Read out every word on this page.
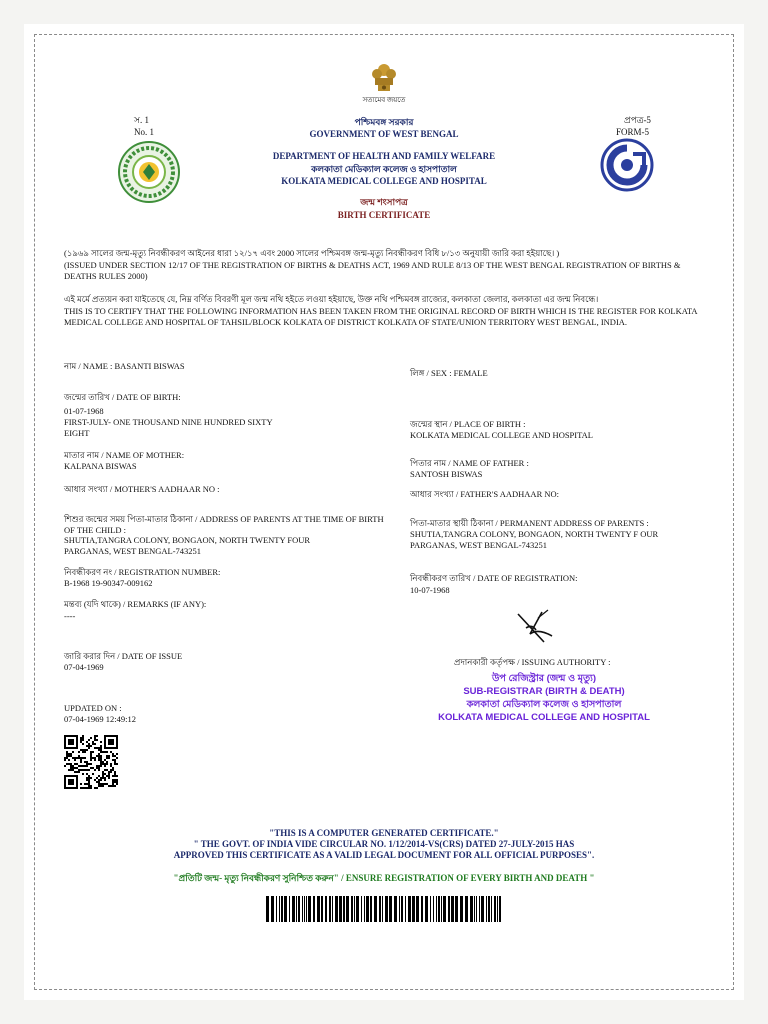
সত্যমেব জয়তে
স. 1
No. 1
প্রপত্র-5
FORM-5
পশ্চিমবঙ্গ সরকার
GOVERNMENT OF WEST BENGAL
DEPARTMENT OF HEALTH AND FAMILY WELFARE
কলকাতা মেডিক্যাল কলেজ ও হাসপাতাল
KOLKATA MEDICAL COLLEGE AND HOSPITAL
জন্ম শংসাপত্র
BIRTH CERTIFICATE
(১৯৬৯ সালের জন্ম-মৃত্যু নিবন্ধীকরণ আইনের ধারা ১২/১৭ এবং 2000 সালের পশ্চিমবঙ্গ জন্ম-মৃত্যু নিবন্ধীকরণ বিধি ৮/১৩ অনুযায়ী জারি করা হইয়াছে। )
(ISSUED UNDER SECTION 12/17 OF THE REGISTRATION OF BIRTHS & DEATHS ACT, 1969 AND RULE 8/13 OF THE WEST BENGAL REGISTRATION OF BIRTHS & DEATHS RULES 2000)
এই মর্মে প্রত্যয়ন করা যাইতেছে যে, নিম্ন বর্ণিত বিবরণী মূল জন্ম নথি হইতে লওয়া হইয়াছে, উক্ত নথি পশ্চিমবঙ্গ রাজ্যের, কলকাতা জেলার, কলকাতা এর জন্ম নিবন্ধে।
THIS IS TO CERTIFY THAT THE FOLLOWING INFORMATION HAS BEEN TAKEN FROM THE ORIGINAL RECORD OF BIRTH WHICH IS THE REGISTER FOR KOLKATA MEDICAL COLLEGE AND HOSPITAL OF TAHSIL/BLOCK KOLKATA OF DISTRICT KOLKATA OF STATE/UNION TERRITORY WEST BENGAL, INDIA.
নাম / NAME : BASANTI BISWAS
জন্মের তারিখ / DATE OF BIRTH:
01-07-1968
FIRST-JULY- ONE THOUSAND NINE HUNDRED SIXTY EIGHT
মাতার নাম / NAME OF MOTHER:
KALPANA BISWAS
আধার সংখ্যা / MOTHER'S AADHAAR NO :
শিশুর জন্মের সময় পিতা-মাতার ঠিকানা / ADDRESS OF PARENTS AT THE TIME OF BIRTH OF THE CHILD :
SHUTIA,TANGRA COLONY, BONGAON, NORTH TWENTY FOUR PARGANAS, WEST BENGAL-743251
নিবন্ধীকরণ নং / REGISTRATION NUMBER:
B-1968 19-90347-009162
মন্তব্য (যদি থাকে) / REMARKS (IF ANY):
----
জারি করার দিন / DATE OF ISSUE
07-04-1969
UPDATED ON :
07-04-1969 12:49:12
লিঙ্গ / SEX : FEMALE
জন্মের স্থান / PLACE OF BIRTH :
KOLKATA MEDICAL COLLEGE AND HOSPITAL
পিতার নাম / NAME OF FATHER :
SANTOSH BISWAS
আধার সংখ্যা / FATHER'S AADHAAR NO:
পিতা-মাতার স্থায়ী ঠিকানা / PERMANENT ADDRESS OF PARENTS :
SHUTIA,TANGRA COLONY, BONGAON, NORTH TWENTY F OUR PARGANAS, WEST BENGAL-743251
নিবন্ধীকরণ তারিখ / DATE OF REGISTRATION:
10-07-1968
প্রদানকারী কর্তৃপক্ষ / ISSUING AUTHORITY :
উপ রেজিস্ট্রার (জন্ম ও মৃত্যু)
SUB-REGISTRAR (BIRTH & DEATH)
কলকাতা মেডিক্যাল কলেজ ও হাসপাতাল
KOLKATA MEDICAL COLLEGE AND HOSPITAL
"THIS IS A COMPUTER GENERATED CERTIFICATE."
" THE GOVT. OF INDIA VIDE CIRCULAR NO. 1/12/2014-VS(CRS) DATED 27-JULY-2015 HAS
APPROVED THIS CERTIFICATE AS A VALID LEGAL DOCUMENT FOR ALL OFFICIAL PURPOSES".
"প্রতিটি জন্ম- মৃত্যু নিবন্ধীকরণ সুনিশ্চিত করুন" / ENSURE REGISTRATION OF EVERY BIRTH AND DEATH "
